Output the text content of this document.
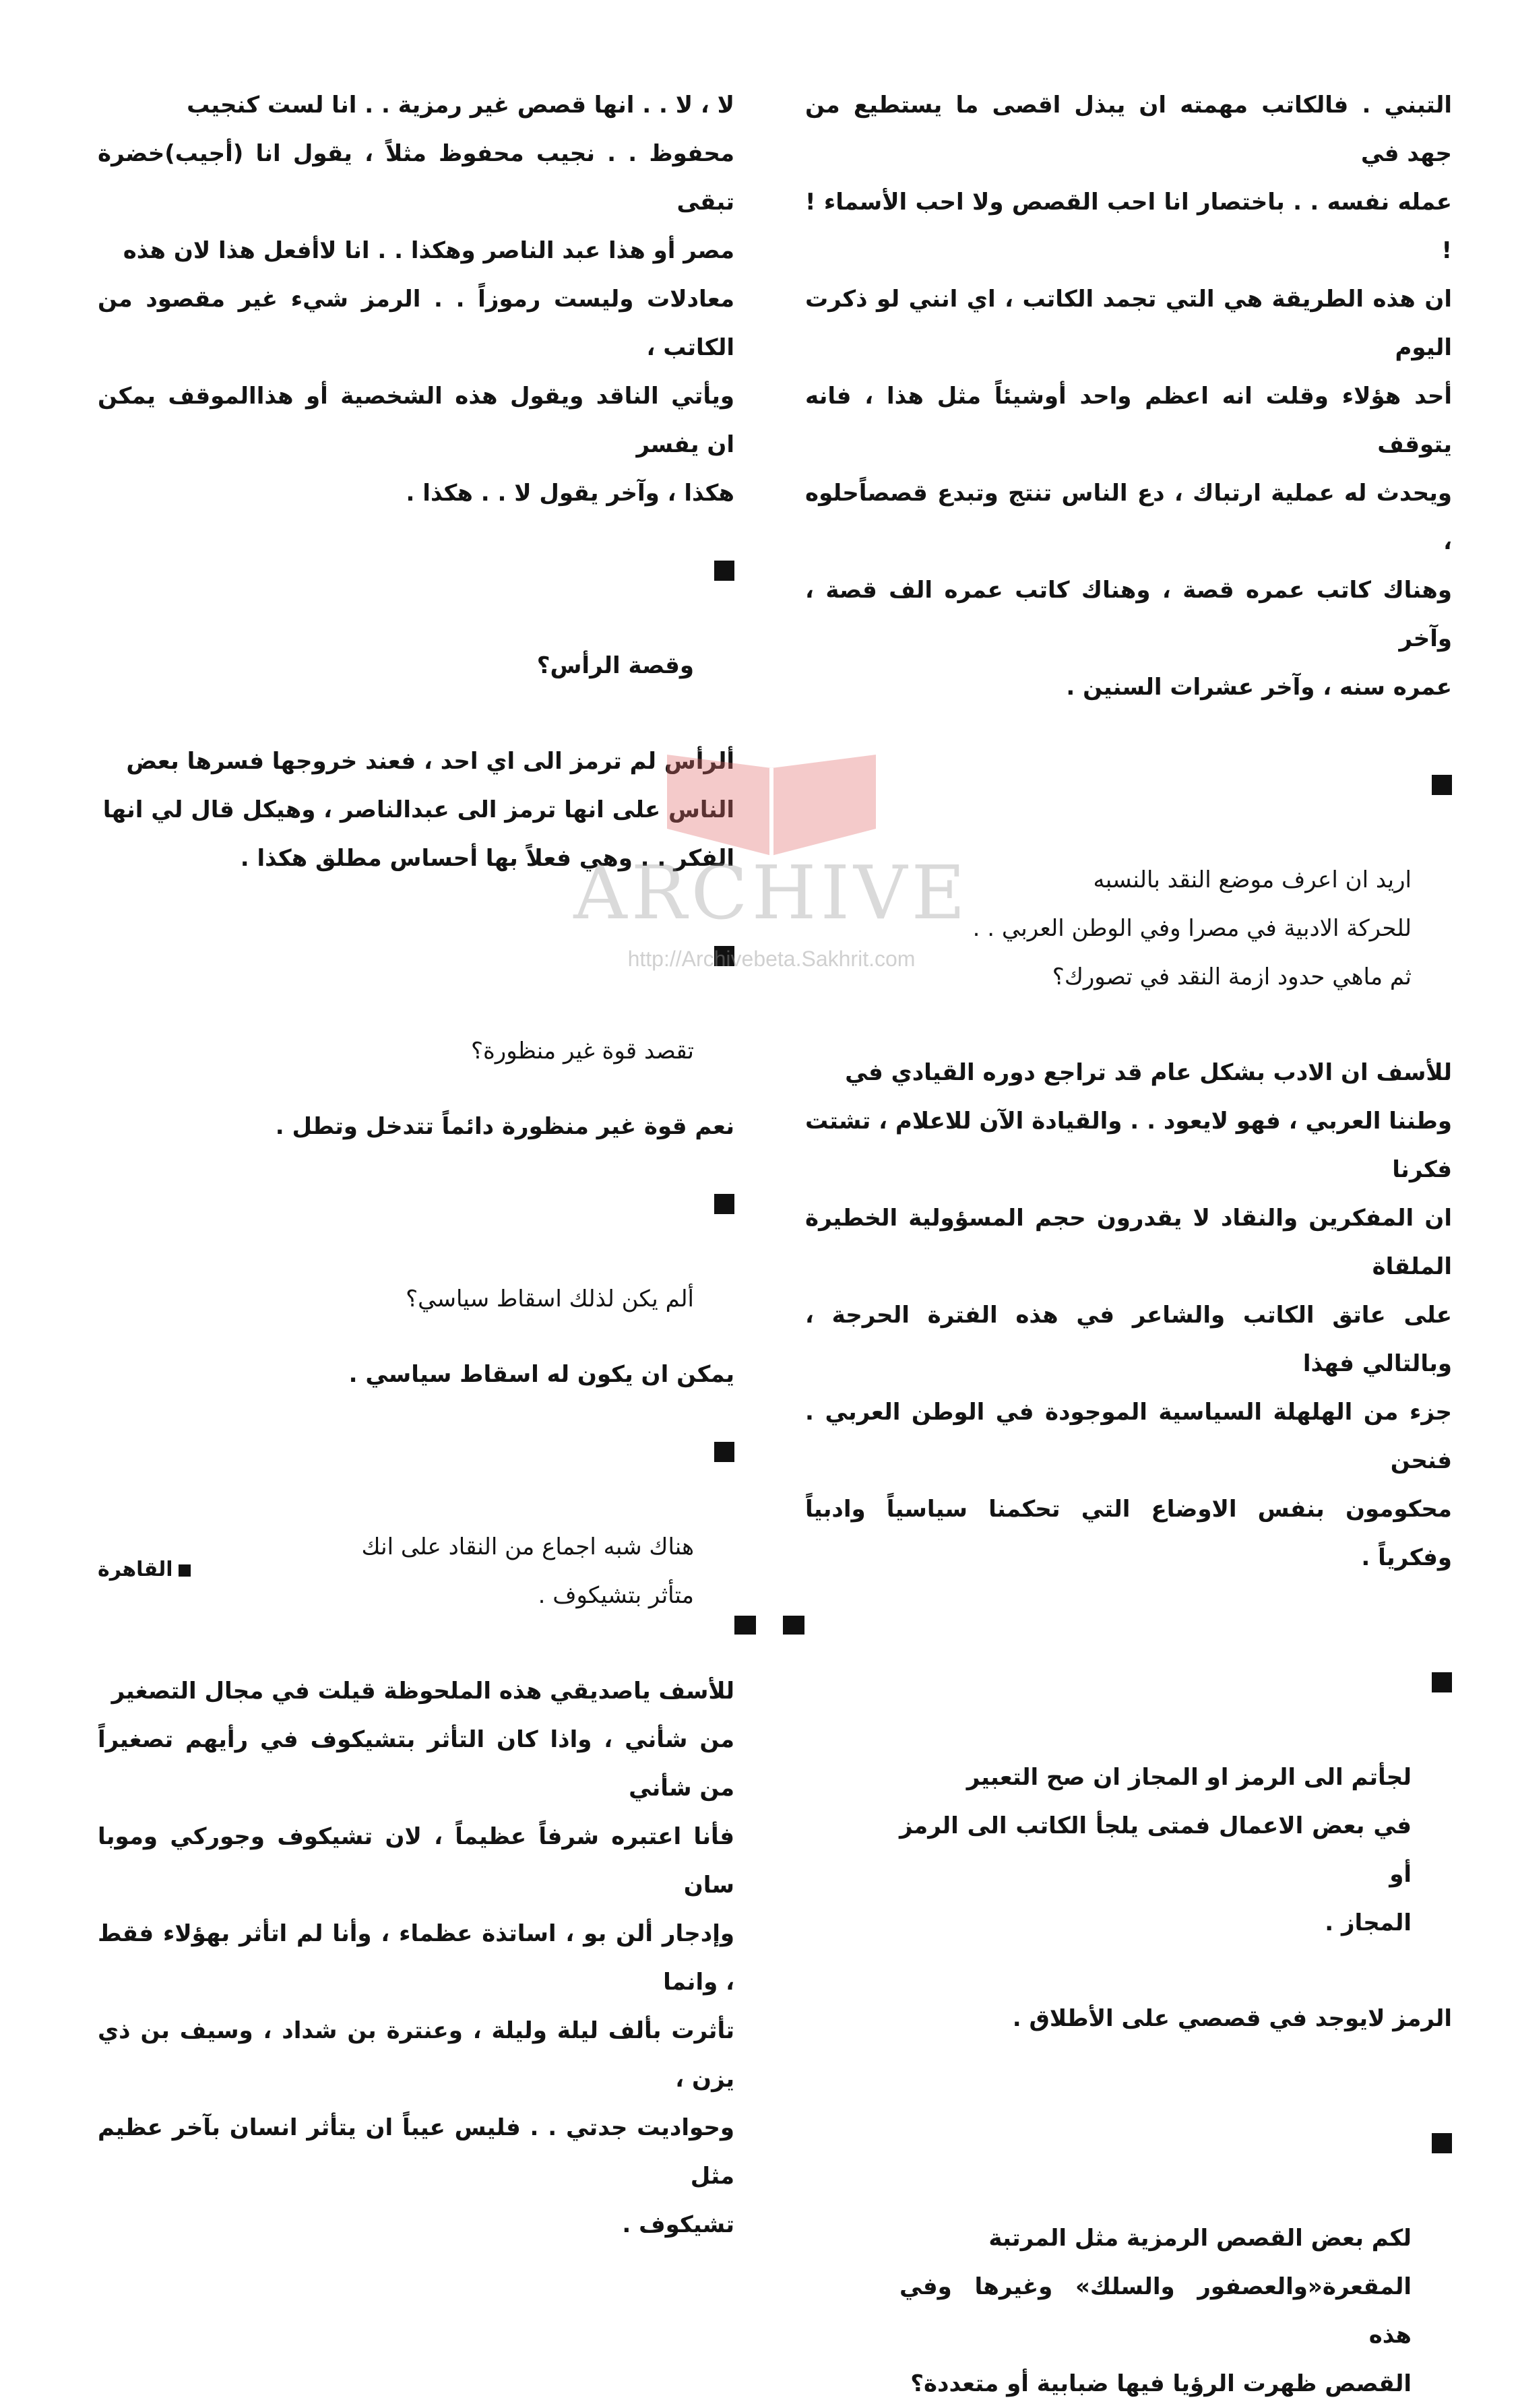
التبني . فالكاتب مهمته ان يبذل اقصى ما يستطيع من جهد في
عمله نفسه . . باختصار انا احب القصص ولا احب الأسماء ! !
ان هذه الطريقة هي التي تجمد الكاتب ، اي انني لو ذكرت اليوم
أحد هؤلاء وقلت انه اعظم واحد أوشيئاً مثل هذا ، فانه يتوقف
ويحدث له عملية ارتباك ، دع الناس تنتج وتبدع قصصاًحلوه ،
وهناك كاتب عمره قصة ، وهناك كاتب عمره الف قصة ، وآخر
عمره سنه ، وآخر عشرات السنين .

اريد ان اعرف موضع النقد بالنسبه
للحركة الادبية في مصرا وفي الوطن العربي . .
ثم ماهي حدود ازمة النقد في تصورك؟

للأسف ان الادب بشكل عام قد تراجع دوره القيادي في
وطننا العربي ، فهو لايعود . . والقيادة الآن للاعلام ، تشتت فكرنا
ان المفكرين والنقاد لا يقدرون حجم المسؤولية الخطيرة الملقاة
على عاتق الكاتب والشاعر في هذه الفترة الحرجة ، وبالتالي فهذا
جزء من الهلهلة السياسية الموجودة في الوطن العربي . فنحن
محكومون بنفس الاوضاع التي تحكمنا سياسياً وادبياً وفكرياً .

لجأتم الى الرمز او المجاز ان صح التعبير
في بعض الاعمال فمتى يلجأ الكاتب الى الرمز أو
المجاز .

الرمز لايوجد في قصصي على الأطلاق .

لكم بعض القصص الرمزية مثل المرتبة
المقعرة«والعصفور والسلك» وغيرها وفي هذه
القصص ظهرت الرؤيا فيها ضبابية أو متعددة؟

لا ، لا . . انها قصص غير رمزية . . انا لست كنجيب
محفوظ . . نجيب محفوظ مثلاً ، يقول انا (أجيب)خضرة تبقى
مصر أو هذا عبد الناصر وهكذا . . انا لاأفعل هذا لان هذه
معادلات وليست رموزاً . . الرمز شيء غير مقصود من الكاتب ،
ويأتي الناقد ويقول هذه الشخصية أو هذاالموقف يمكن ان يفسر
هكذا ، وآخر يقول لا . . هكذا .

وقصة الرأس؟

ألرأس لم ترمز الى اي احد ، فعند خروجها فسرها بعض
الناس على انها ترمز الى عبدالناصر ، وهيكل قال لي انها
الفكر . . وهي فعلاً بها أحساس مطلق هكذا .

تقصد قوة غير منظورة؟

نعم قوة غير منظورة دائماً تتدخل وتطل .

ألم يكن لذلك اسقاط سياسي؟

يمكن ان يكون له اسقاط سياسي .

هناك شبه اجماع من النقاد على انك
متأثر بتشيكوف .

للأسف ياصديقي هذه الملحوظة قيلت في مجال التصغير
من شأني ، واذا كان التأثر بتشيكوف في رأيهم تصغيراً من شأني
فأنا اعتبره شرفاً عظيماً ، لان تشيكوف وجوركي وموبا سان
وإدجار ألن بو ، اساتذة عظماء ، وأنا لم اتأثر بهؤلاء فقط ، وانما
تأثرت بألف ليلة وليلة ، وعنترة بن شداد ، وسيف بن ذي يزن ،
وحواديت جدتي . . فليس عيباً ان يتأثر انسان بآخر عظيم مثل
تشيكوف .

ARCHIVE
http://Archivebeta.Sakhrit.com
القاهرة
